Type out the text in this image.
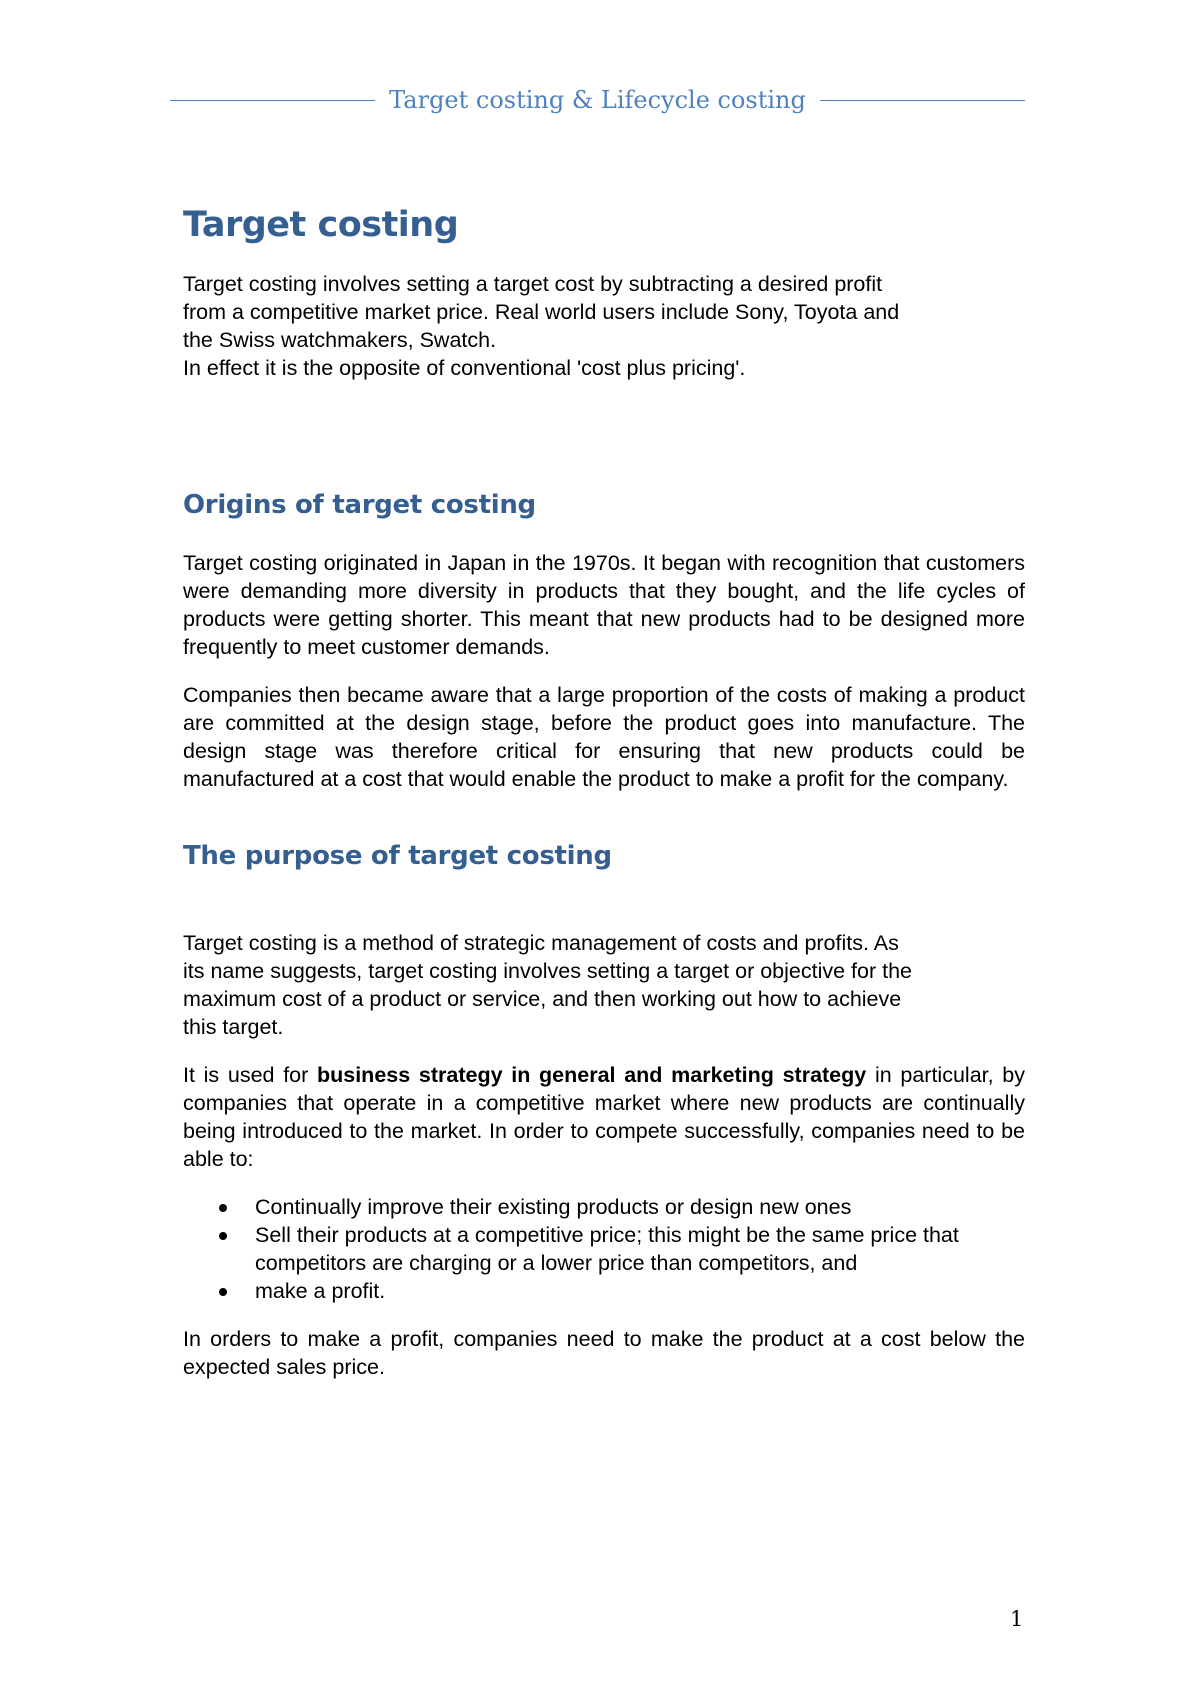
Target costing & Lifecycle costing
Target costing

Target costing involves setting a target cost by subtracting a desired profit
from a competitive market price. Real world users include Sony, Toyota and
the Swiss watchmakers, Swatch.
In effect it is the opposite of conventional 'cost plus pricing'.

Origins of target costing

Target costing originated in Japan in the 1970s. It began with recognition that customers were demanding more diversity in products that they bought, and the life cycles of products were getting shorter. This meant that new products had to be designed more frequently to meet customer demands.

Companies then became aware that a large proportion of the costs of making a product are committed at the design stage, before the product goes into manufacture. The design stage was therefore critical for ensuring that new products could be manufactured at a cost that would enable the product to make a profit for the company.

The purpose of target costing

Target costing is a method of strategic management of costs and profits. As
its name suggests, target costing involves setting a target or objective for the
maximum cost of a product or service, and then working out how to achieve
this target.

It is used for business strategy in general and marketing strategy in particular, by companies that operate in a competitive market where new products are continually being introduced to the market. In order to compete successfully, companies need to be able to:

Continually improve their existing products or design new ones
Sell their products at a competitive price; this might be the same price that competitors are charging or a lower price than competitors, and
make a profit.

In orders to make a profit, companies need to make the product at a cost below the expected sales price.

1
